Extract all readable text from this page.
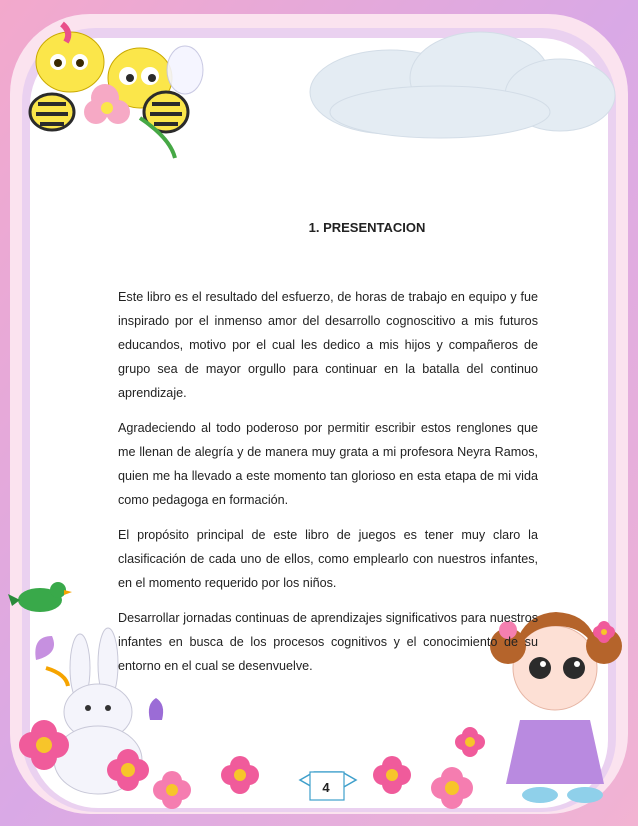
1. PRESENTACION

Este libro es el resultado del esfuerzo, de horas de trabajo en equipo y fue inspirado por el inmenso amor del desarrollo cognoscitivo a mis futuros educandos, motivo por el cual les dedico a mis hijos y compañeros de grupo sea de mayor orgullo para continuar en la batalla del continuo aprendizaje.

Agradeciendo al todo poderoso por permitir escribir estos renglones que me llenan de alegría y de manera muy grata a mi profesora Neyra Ramos, quien me ha llevado a este momento tan glorioso en esta etapa de mi vida como pedagoga en formación.

El propósito principal de este libro de juegos es tener muy claro la clasificación de cada uno de ellos, como emplearlo con nuestros infantes, en el momento requerido por los niños.

Desarrollar jornadas continuas de aprendizajes significativos para nuestros infantes en busca de los procesos cognitivos y el conocimiento de su entorno en el cual se desenvuelve.

4
